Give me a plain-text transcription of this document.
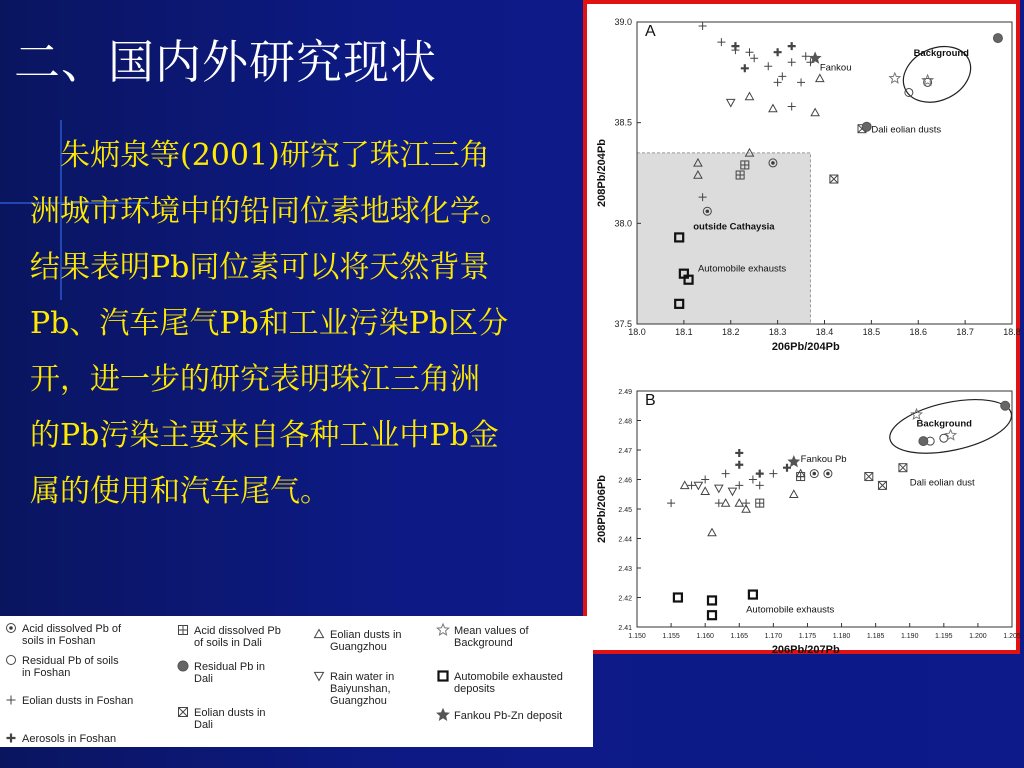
二、国内外研究现状
　朱炳泉等(2001)研究了珠江三角
洲城市环境中的铅同位素地球化学。
结果表明Pb同位素可以将天然背景
Pb、汽车尾气Pb和工业污染Pb区分
开，进一步的研究表明珠江三角洲
的Pb污染主要来自各种工业中Pb金
属的使用和汽车尾气。
18.0	18.1	18.2	18.3	18.4	18.5	18.6	18.7	18.8
37.5
38.0
38.5
39.0
206Pb/204Pb
208Pb/204Pb
A
Fankou
Background
Dali eolian dusts
outside Cathaysia
Automobile exhausts
1.150 1.155 1.160 1.165 1.170 1.175 1.180 1.185 1.190 1.195 1.200 1.205
2.41
2.42
2.43
2.44
2.45
2.46
2.47
2.48
2.49
206Pb/207Pb
208Pb/206Pb
B
Fankou Pb
Background
Dali eolian dust
Automobile exhausts
Acid dissolved Pb of
soils in Foshan
Residual Pb of soils
in Foshan
Eolian dusts in Foshan
Aerosols in Foshan
Acid dissolved Pb
of soils in Dali
Residual Pb in
Dali
Eolian dusts in
Dali
Eolian dusts in
Guangzhou
Rain water in
Baiyunshan,
Guangzhou
Mean values of
Background
Automobile exhausted
deposits
Fankou Pb-Zn deposit
